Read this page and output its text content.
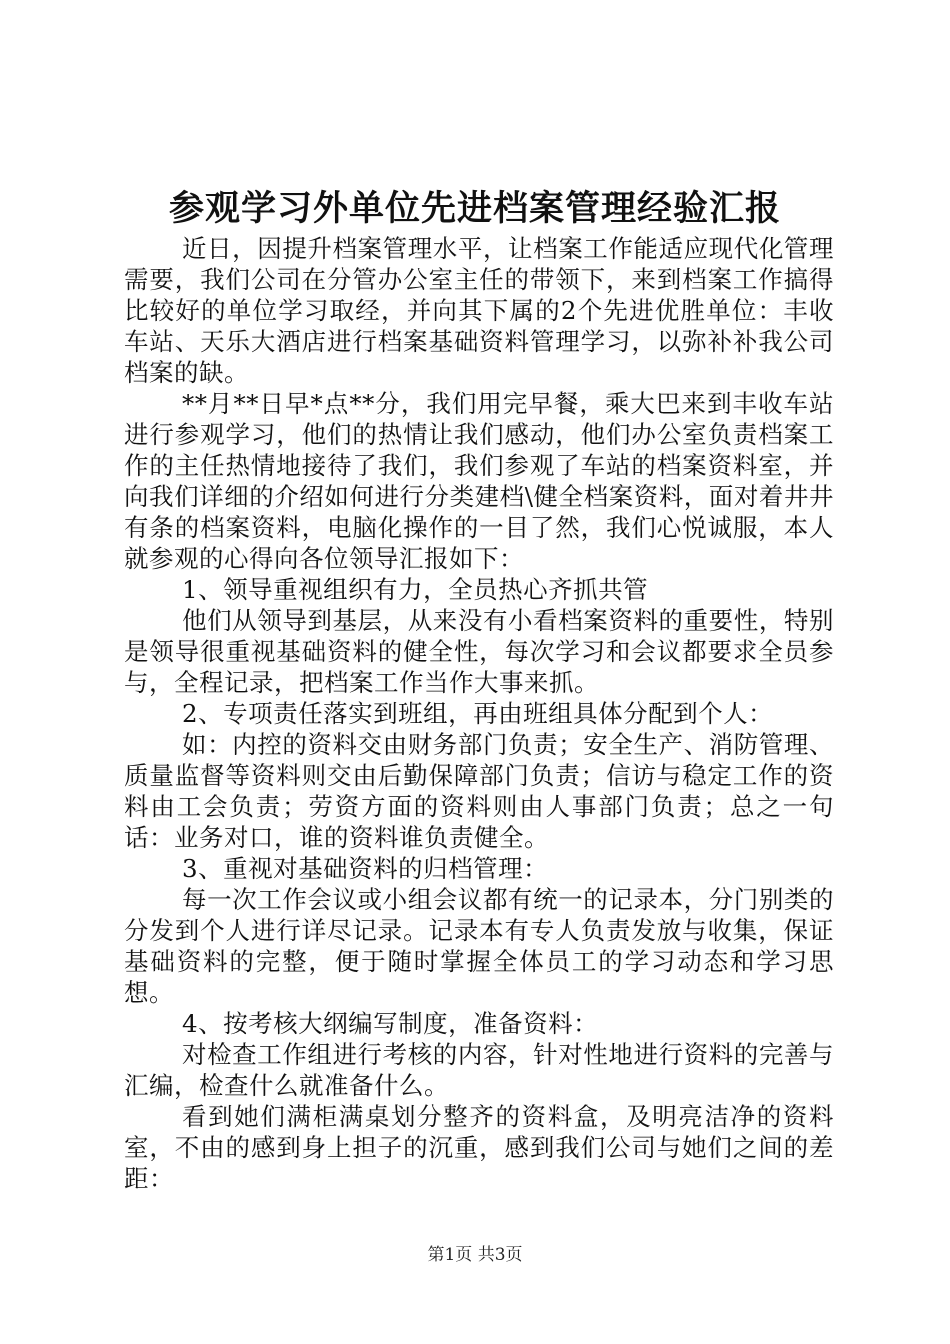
参观学习外单位先进档案管理经验汇报

近日，因提升档案管理水平，让档案工作能适应现代化管理需要，我们公司在分管办公室主任的带领下，来到档案工作搞得比较好的单位学习取经，并向其下属的2个先进优胜单位：丰收车站、天乐大酒店进行档案基础资料管理学习，以弥补补我公司档案的缺。

**月**日早*点**分，我们用完早餐，乘大巴来到丰收车站进行参观学习，他们的热情让我们感动，他们办公室负责档案工作的主任热情地接待了我们，我们参观了车站的档案资料室，并向我们详细的介绍如何进行分类建档\健全档案资料，面对着井井有条的档案资料，电脑化操作的一目了然，我们心悦诚服，本人就参观的心得向各位领导汇报如下：

1、领导重视组织有力，全员热心齐抓共管

他们从领导到基层，从来没有小看档案资料的重要性，特别是领导很重视基础资料的健全性，每次学习和会议都要求全员参与，全程记录，把档案工作当作大事来抓。

2、专项责任落实到班组，再由班组具体分配到个人：

如：内控的资料交由财务部门负责；安全生产、消防管理、质量监督等资料则交由后勤保障部门负责；信访与稳定工作的资料由工会负责；劳资方面的资料则由人事部门负责；总之一句话：业务对口，谁的资料谁负责健全。

3、重视对基础资料的归档管理：

每一次工作会议或小组会议都有统一的记录本，分门别类的分发到个人进行详尽记录。记录本有专人负责发放与收集，保证基础资料的完整，便于随时掌握全体员工的学习动态和学习思想。

4、按考核大纲编写制度，准备资料：

对检查工作组进行考核的内容，针对性地进行资料的完善与汇编，检查什么就准备什么。

看到她们满柜满桌划分整齐的资料盒，及明亮洁净的资料室，不由的感到身上担子的沉重，感到我们公司与她们之间的差距：

第1页 共3页
